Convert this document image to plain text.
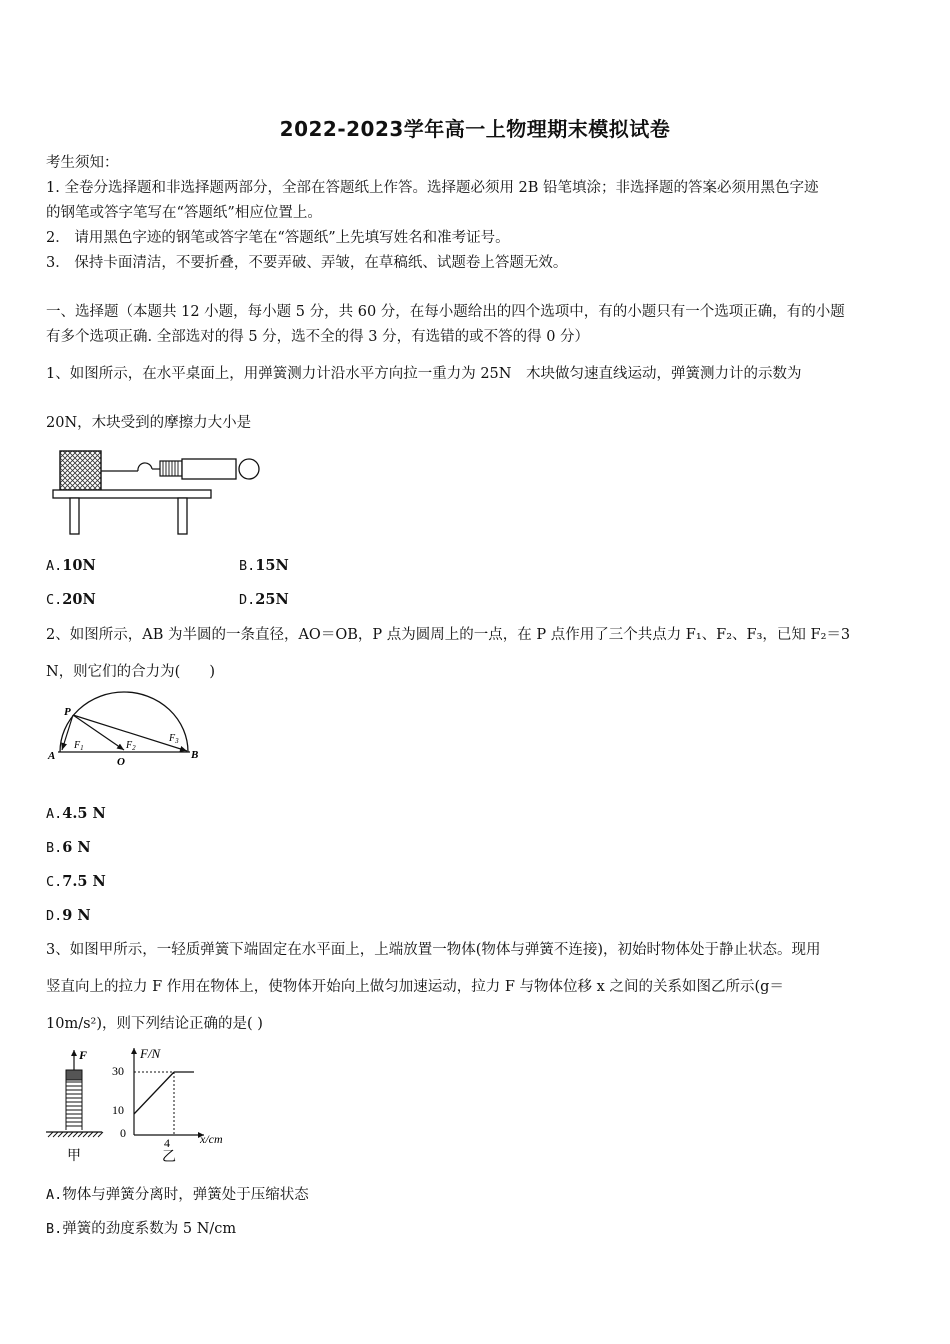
2022-2023学年高一上物理期末模拟试卷
考生须知：
1. 全卷分选择题和非选择题两部分，全部在答题纸上作答。选择题必须用 2B 铅笔填涂；非选择题的答案必须用黑色字迹
的钢笔或答字笔写在“答题纸”相应位置上。
2． 请用黑色字迹的钢笔或答字笔在“答题纸”上先填写姓名和准考证号。
3． 保持卡面清洁，不要折叠，不要弄破、弄皱，在草稿纸、试题卷上答题无效。
一、选择题（本题共 12 小题，每小题 5 分，共 60 分，在每小题给出的四个选项中，有的小题只有一个选项正确，有的小题
有多个选项正确. 全部选对的得 5 分，选不全的得 3 分，有选错的或不答的得 0 分）
1、如图所示，在水平桌面上，用弹簧测力计沿水平方向拉一重力为 25N　木块做匀速直线运动，弹簧测力计的示数为
20N，木块受到的摩擦力大小是
A.10N	B.15N
C.20N	D.25N
2、如图所示，AB 为半圆的一条直径，AO＝OB，P 点为圆周上的一点，在 P 点作用了三个共点力 F₁、F₂、F₃，已知 F₂＝3
N，则它们的合力为(　　)
P
A	O
B
$F_1$	$F_2$
$F_3$
A.4.5 N
B.6 N
C.7.5 N
D.9 N
3、如图甲所示，一轻质弹簧下端固定在水平面上，上端放置一物体(物体与弹簧不连接)，初始时物体处于静止状态。现用
竖直向上的拉力 F 作用在物体上，使物体开始向上做匀加速运动，拉力 F 与物体位移 x 之间的关系如图乙所示(g＝
10m/s²)，则下列结论正确的是( )
F
甲
F/N
x/cm
30
10
0
4
乙
A.物体与弹簧分离时，弹簧处于压缩状态
B.弹簧的劲度系数为 5 N/cm
